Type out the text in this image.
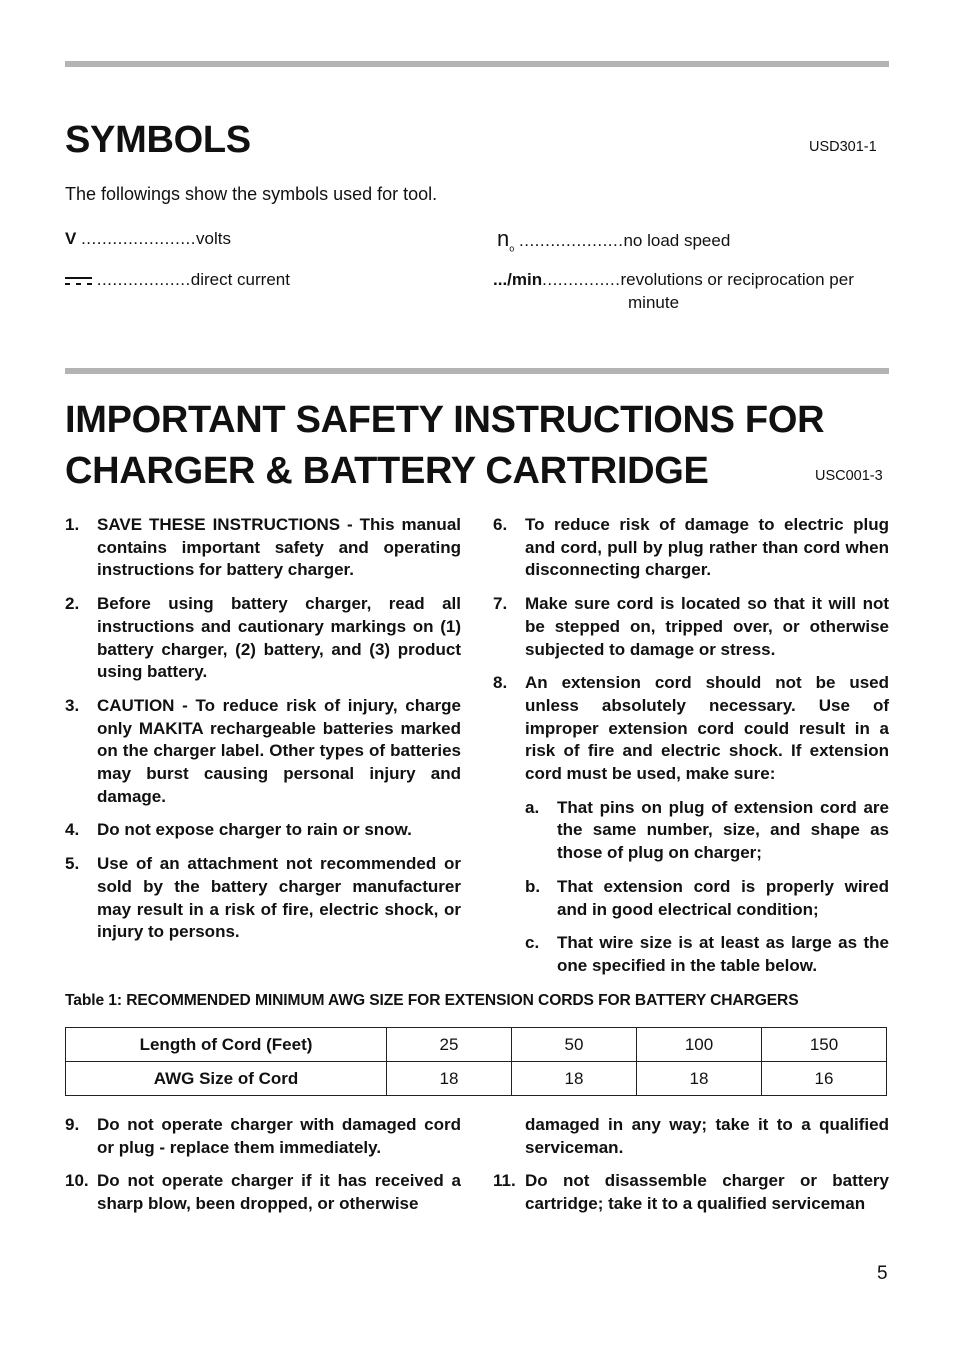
SYMBOLS	USD301-1
The followings show the symbols used for tool.
V ......................volts
..................direct current
$n_o$ ....................no load speed
.../min...............revolutions or reciprocation per
minute
IMPORTANT SAFETY INSTRUCTIONS FOR
CHARGER & BATTERY CARTRIDGE	USC001-3
1. SAVE THESE INSTRUCTIONS - This manual contains important safety and operating instructions for battery charger.
2. Before using battery charger, read all instructions and cautionary markings on (1) battery charger, (2) battery, and (3) product using battery.
3. CAUTION - To reduce risk of injury, charge only MAKITA rechargeable batteries marked on the charger label. Other types of batteries may burst causing personal injury and damage.
4. Do not expose charger to rain or snow.
5. Use of an attachment not recommended or sold by the battery charger manufacturer may result in a risk of fire, electric shock, or injury to persons.
6. To reduce risk of damage to electric plug and cord, pull by plug rather than cord when disconnecting charger.
7. Make sure cord is located so that it will not be stepped on, tripped over, or otherwise subjected to damage or stress.
8. An extension cord should not be used unless absolutely necessary. Use of improper extension cord could result in a risk of fire and electric shock. If extension cord must be used, make sure:
a. That pins on plug of extension cord are the same number, size, and shape as those of plug on charger;
b. That extension cord is properly wired and in good electrical condition;
c. That wire size is at least as large as the one specified in the table below.
Table 1: RECOMMENDED MINIMUM AWG SIZE FOR EXTENSION CORDS FOR BATTERY CHARGERS
Length of Cord (Feet)	25	50	100	150
AWG Size of Cord	18	18	18	16
9. Do not operate charger with damaged cord or plug - replace them immediately.
10. Do not operate charger if it has received a sharp blow, been dropped, or otherwise
damaged in any way; take it to a qualified serviceman.
11. Do not disassemble charger or battery cartridge; take it to a qualified serviceman
5
